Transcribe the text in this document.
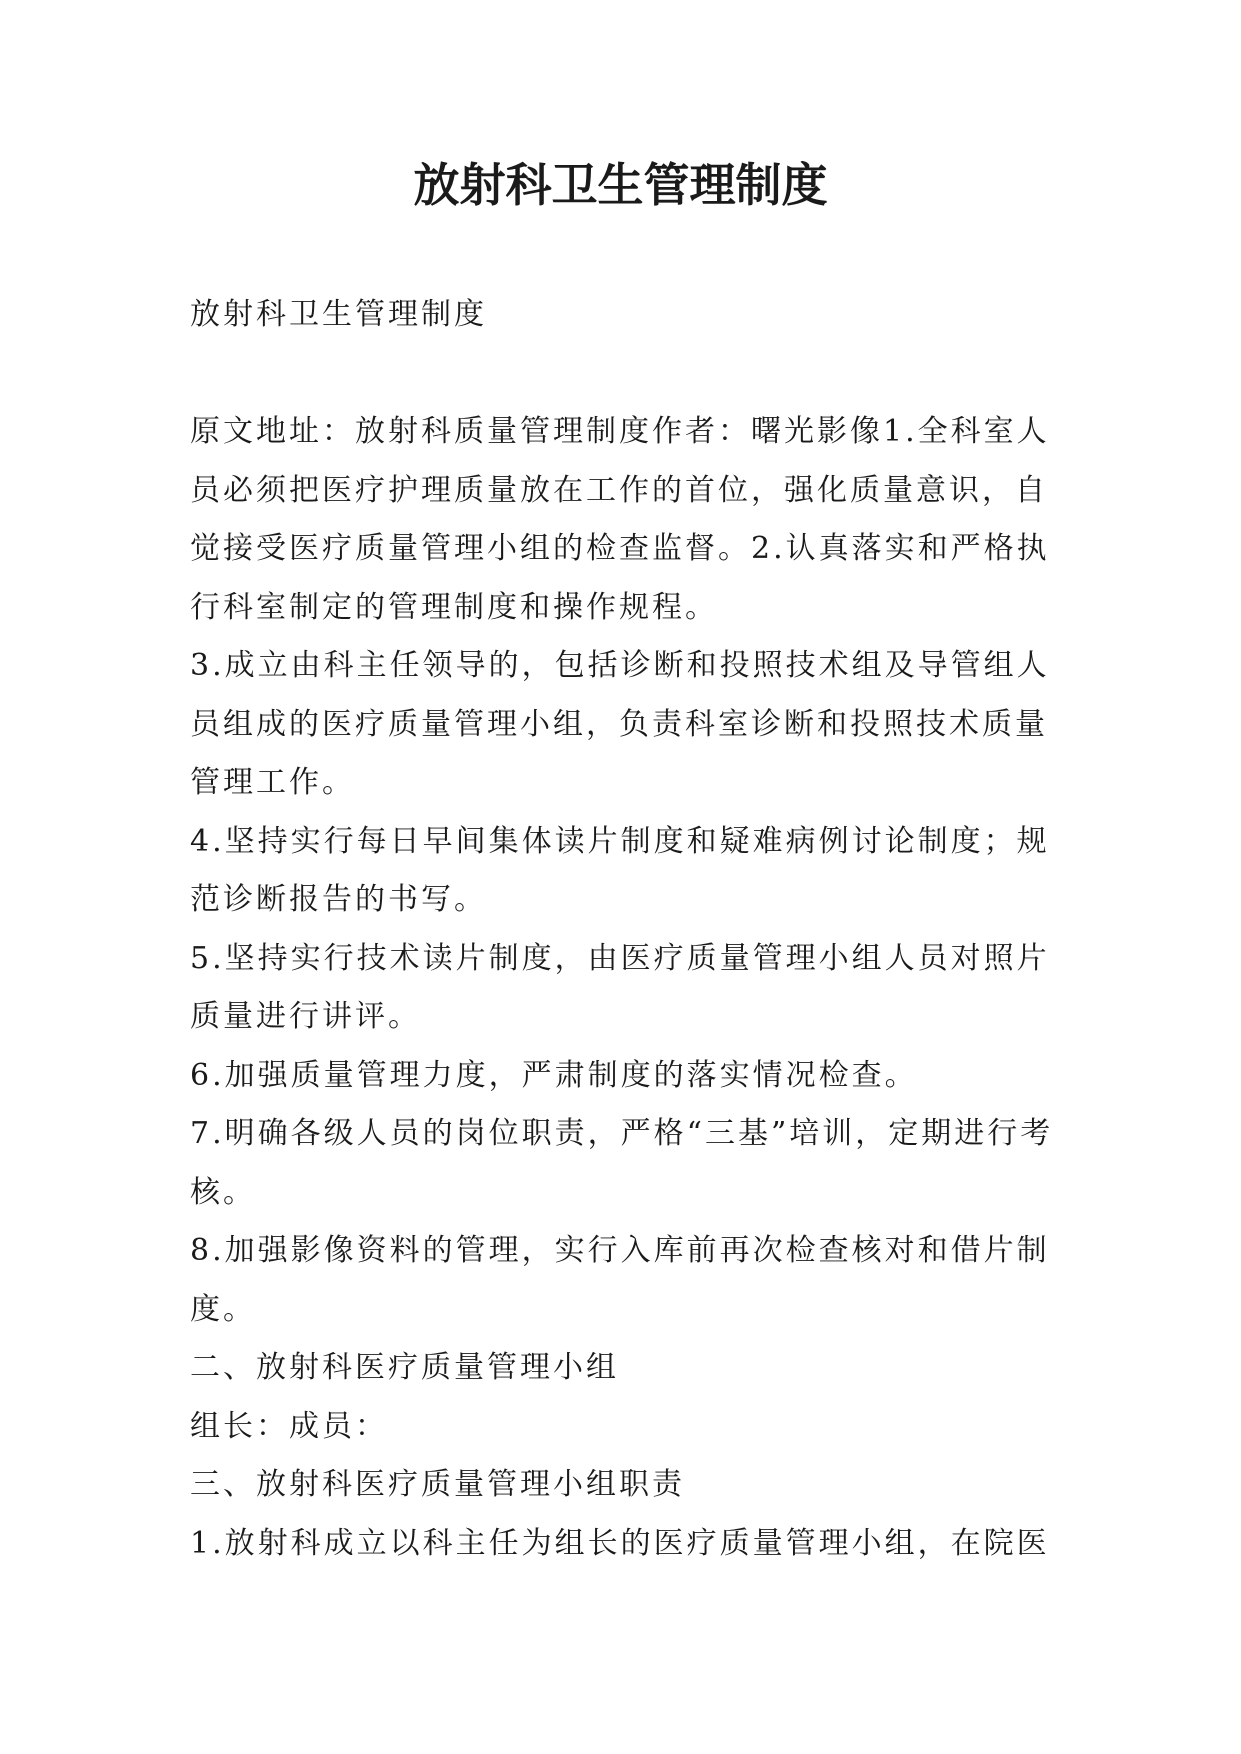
放射科卫生管理制度

放射科卫生管理制度

原文地址：放射科质量管理制度作者：曙光影像1.全科室人员必须把医疗护理质量放在工作的首位，强化质量意识，自觉接受医疗质量管理小组的检查监督。2.认真落实和严格执行科室制定的管理制度和操作规程。

3.成立由科主任领导的，包括诊断和投照技术组及导管组人员组成的医疗质量管理小组，负责科室诊断和投照技术质量管理工作。

4.坚持实行每日早间集体读片制度和疑难病例讨论制度；规范诊断报告的书写。

5.坚持实行技术读片制度，由医疗质量管理小组人员对照片质量进行讲评。

6.加强质量管理力度，严肃制度的落实情况检查。

7.明确各级人员的岗位职责，严格“三基”培训，定期进行考核。

8.加强影像资料的管理，实行入库前再次检查核对和借片制度。

二、放射科医疗质量管理小组

组长：成员：

三、放射科医疗质量管理小组职责

1.放射科成立以科主任为组长的医疗质量管理小组，在院医
